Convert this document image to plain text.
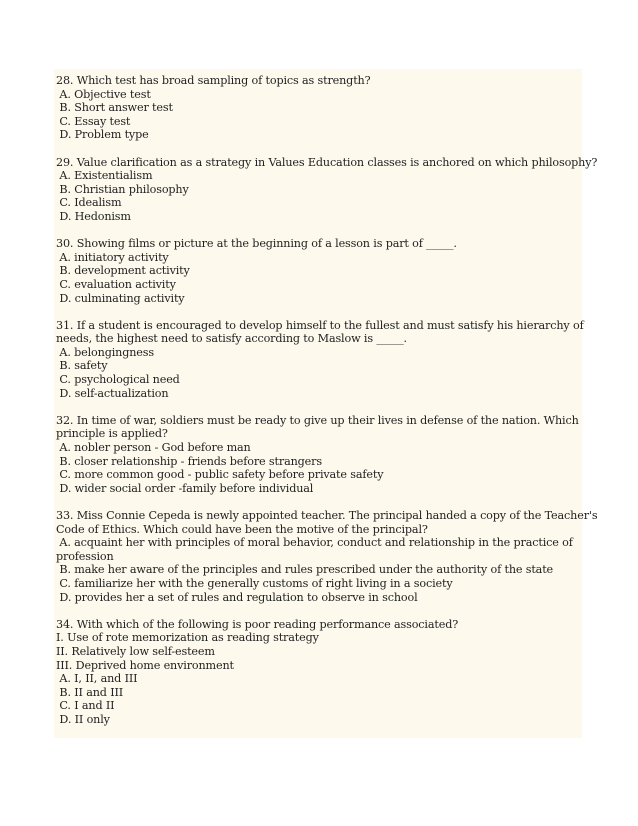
28. Which test has broad sampling of topics as strength?
A. Objective test
B. Short answer test
C. Essay test
D. Problem type
29. Value clarification as a strategy in Values Education classes is anchored on which philosophy?
A. Existentialism
B. Christian philosophy
C. Idealism
D. Hedonism
30. Showing films or picture at the beginning of a lesson is part of _____.
A. initiatory activity
B. development activity
C. evaluation activity
D. culminating activity
31. If a student is encouraged to develop himself to the fullest and must satisfy his hierarchy of
needs, the highest need to satisfy according to Maslow is _____.
A. belongingness
B. safety
C. psychological need
D. self-actualization
32. In time of war, soldiers must be ready to give up their lives in defense of the nation. Which
principle is applied?
A. nobler person - God before man
B. closer relationship - friends before strangers
C. more common good - public safety before private safety
D. wider social order -family before individual
33. Miss Connie Cepeda is newly appointed teacher. The principal handed a copy of the Teacher's
Code of Ethics. Which could have been the motive of the principal?
A. acquaint her with principles of moral behavior, conduct and relationship in the practice of
profession
B. make her aware of the principles and rules prescribed under the authority of the state
C. familiarize her with the generally customs of right living in a society
D. provides her a set of rules and regulation to observe in school
34. With which of the following is poor reading performance associated?
I. Use of rote memorization as reading strategy
II. Relatively low self-esteem
III. Deprived home environment
A. I, II, and III
B. II and III
C. I and II
D. II only
